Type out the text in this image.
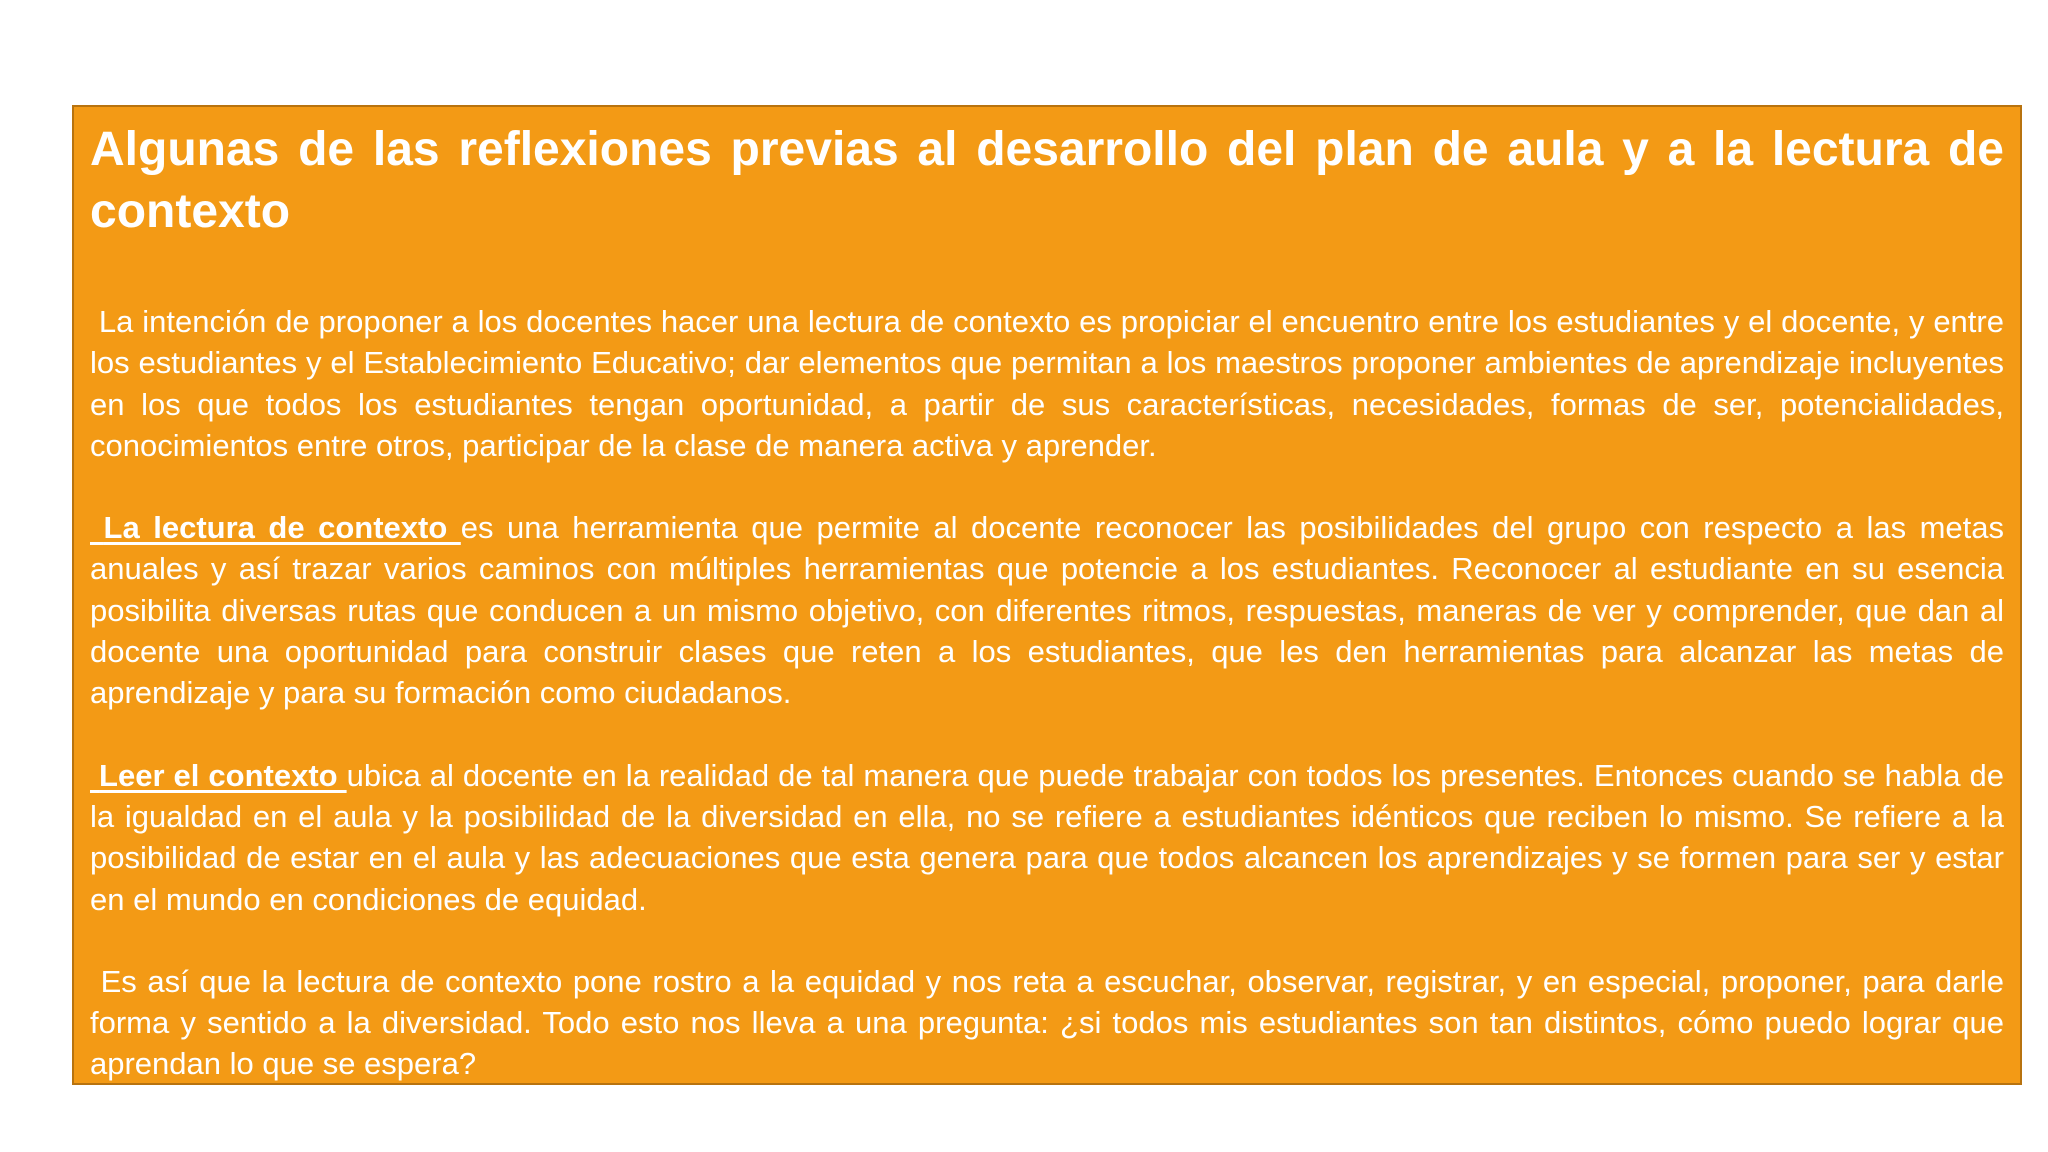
Algunas de las reflexiones previas al desarrollo del plan de aula y a la lectura de contexto

La intención de proponer a los docentes hacer una lectura de contexto es propiciar el encuentro entre los estudiantes y el docente, y entre los estudiantes y el Establecimiento Educativo; dar elementos que permitan a los maestros proponer ambientes de aprendizaje incluyentes en los que todos los estudiantes tengan oportunidad, a partir de sus características, necesidades, formas de ser, potencialidades, conocimientos entre otros, participar de la clase de manera activa y aprender.

La lectura de contexto es una herramienta que permite al docente reconocer las posibilidades del grupo con respecto a las metas anuales y así trazar varios caminos con múltiples herramientas que potencie a los estudiantes. Reconocer al estudiante en su esencia posibilita diversas rutas que conducen a un mismo objetivo, con diferentes ritmos, respuestas, maneras de ver y comprender, que dan al docente una oportunidad para construir clases que reten a los estudiantes, que les den herramientas para alcanzar las metas de aprendizaje y para su formación como ciudadanos.

Leer el contexto ubica al docente en la realidad de tal manera que puede trabajar con todos los presentes. Entonces cuando se habla de la igualdad en el aula y la posibilidad de la diversidad en ella, no se refiere a estudiantes idénticos que reciben lo mismo. Se refiere a la posibilidad de estar en el aula y las adecuaciones que esta genera para que todos alcancen los aprendizajes y se formen para ser y estar en el mundo en condiciones de equidad.

Es así que la lectura de contexto pone rostro a la equidad y nos reta a escuchar, observar, registrar, y en especial, proponer, para darle forma y sentido a la diversidad. Todo esto nos lleva a una pregunta: ¿si todos mis estudiantes son tan distintos, cómo puedo lograr que aprendan lo que se espera?
